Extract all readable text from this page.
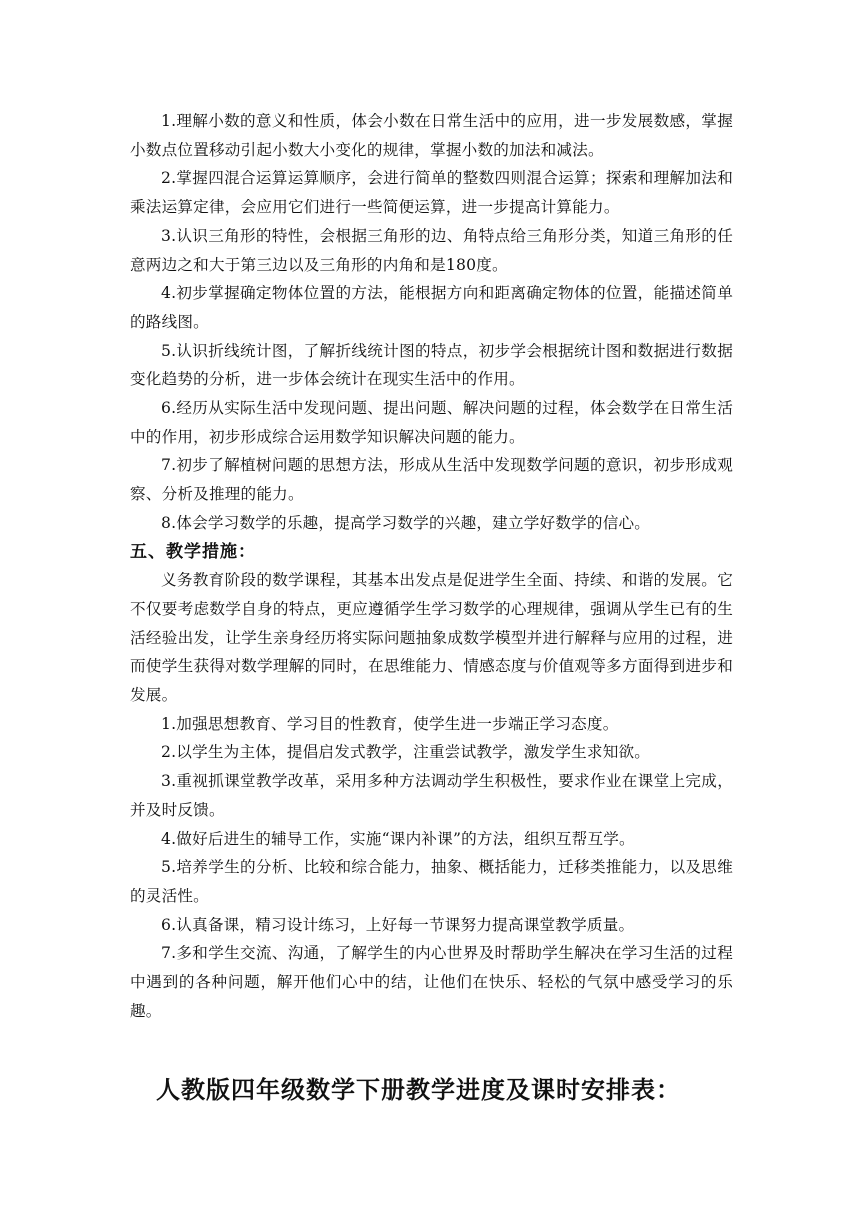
1.理解小数的意义和性质，体会小数在日常生活中的应用，进一步发展数感，掌握小数点位置移动引起小数大小变化的规律，掌握小数的加法和减法。

2.掌握四混合运算运算顺序，会进行简单的整数四则混合运算；探索和理解加法和乘法运算定律，会应用它们进行一些简便运算，进一步提高计算能力。

3.认识三角形的特性，会根据三角形的边、角特点给三角形分类，知道三角形的任意两边之和大于第三边以及三角形的内角和是180度。

4.初步掌握确定物体位置的方法，能根据方向和距离确定物体的位置，能描述简单的路线图。

5.认识折线统计图，了解折线统计图的特点，初步学会根据统计图和数据进行数据变化趋势的分析，进一步体会统计在现实生活中的作用。

6.经历从实际生活中发现问题、提出问题、解决问题的过程，体会数学在日常生活中的作用，初步形成综合运用数学知识解决问题的能力。

7.初步了解植树问题的思想方法，形成从生活中发现数学问题的意识，初步形成观察、分析及推理的能力。

8.体会学习数学的乐趣，提高学习数学的兴趣，建立学好数学的信心。

五、教学措施：

义务教育阶段的数学课程，其基本出发点是促进学生全面、持续、和谐的发展。它不仅要考虑数学自身的特点，更应遵循学生学习数学的心理规律，强调从学生已有的生活经验出发，让学生亲身经历将实际问题抽象成数学模型并进行解释与应用的过程，进而使学生获得对数学理解的同时，在思维能力、情感态度与价值观等多方面得到进步和发展。

1.加强思想教育、学习目的性教育，使学生进一步端正学习态度。

2.以学生为主体，提倡启发式教学，注重尝试教学，激发学生求知欲。

3.重视抓课堂教学改革，采用多种方法调动学生积极性，要求作业在课堂上完成，并及时反馈。

4.做好后进生的辅导工作，实施“课内补课”的方法，组织互帮互学。

5.培养学生的分析、比较和综合能力，抽象、概括能力，迁移类推能力，以及思维的灵活性。

6.认真备课，精习设计练习，上好每一节课努力提高课堂教学质量。

7.多和学生交流、沟通，了解学生的内心世界及时帮助学生解决在学习生活的过程中遇到的各种问题，解开他们心中的结，让他们在快乐、轻松的气氛中感受学习的乐趣。

人教版四年级数学下册教学进度及课时安排表：
